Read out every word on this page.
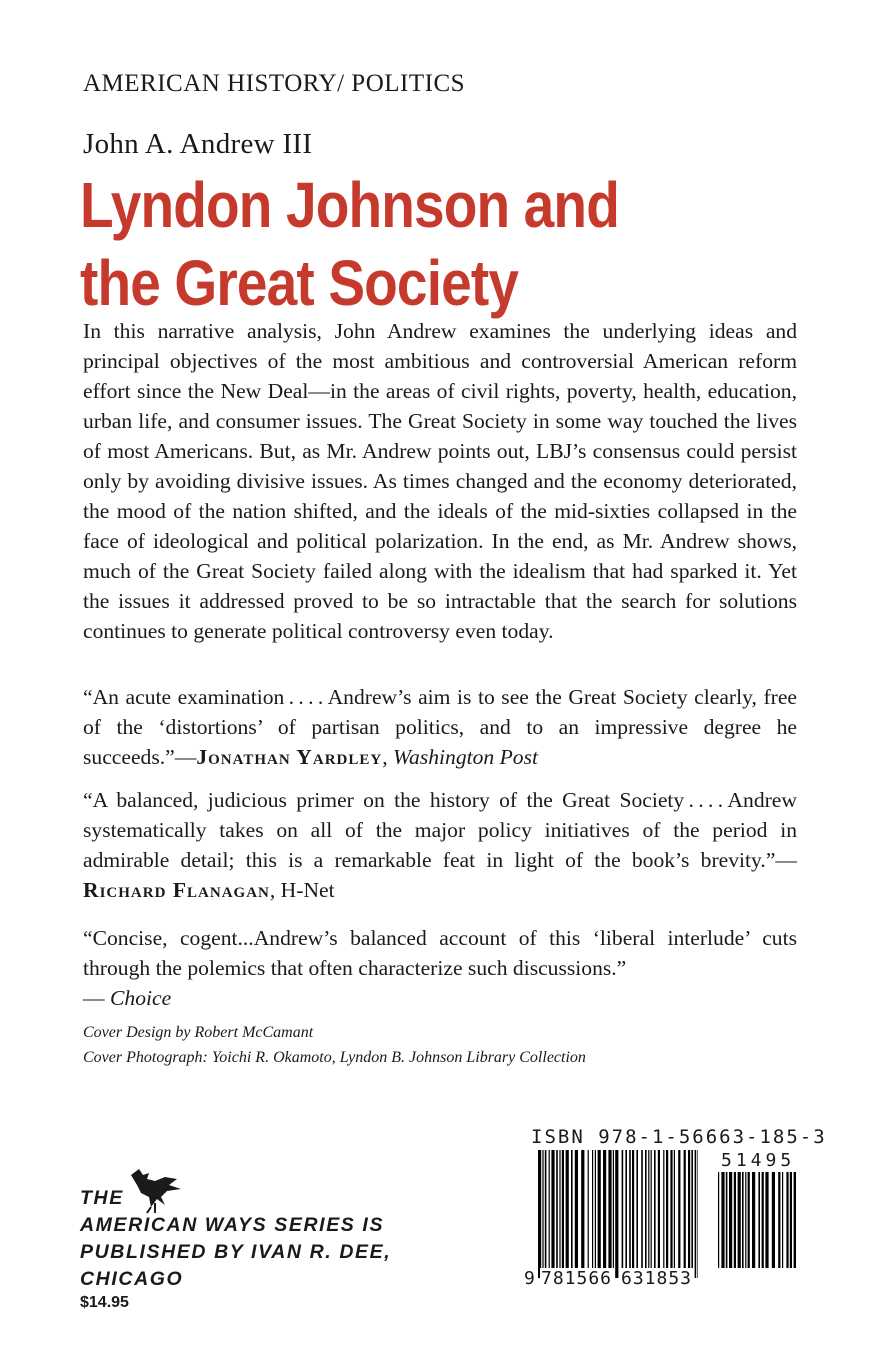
AMERICAN HISTORY/ POLITICS
John A. Andrew III
Lyndon Johnson and
the Great Society

In this narrative analysis, John Andrew examines the underlying ideas and principal objectives of the most ambitious and controversial American reform effort since the New Deal—in the areas of civil rights, poverty, health, education, urban life, and consumer issues. The Great Society in some way touched the lives of most Americans. But, as Mr. Andrew points out, LBJ’s consensus could persist only by avoiding divisive issues. As times changed and the economy deteriorated, the mood of the nation shifted, and the ideals of the mid-sixties collapsed in the face of ideological and political polarization. In the end, as Mr. Andrew shows, much of the Great Society failed along with the idealism that had sparked it. Yet the issues it addressed proved to be so intractable that the search for solutions continues to generate political controversy even today.

“An acute examination . . . . Andrew’s aim is to see the Great Society clearly, free of the ‘distortions’ of partisan politics, and to an impressive degree he succeeds.”—Jonathan Yardley, Washington Post

“A balanced, judicious primer on the history of the Great Society . . . . Andrew systematically takes on all of the major policy initiatives of the period in admirable detail; this is a remarkable feat in light of the book’s brevity.”—Richard Flanagan, H-Net

“Concise, cogent...Andrew’s balanced account of this ‘liberal interlude’ cuts through the polemics that often characterize such discussions.”
— Choice

Cover Design by Robert McCamant
Cover Photograph: Yoichi R. Okamoto, Lyndon B. Johnson Library Collection
THE
AMERICAN WAYS SERIES IS
PUBLISHED BY IVAN R. DEE,
CHICAGO
$14.95
ISBN 978-1-56663-185-3
51495
9 781566 631853
